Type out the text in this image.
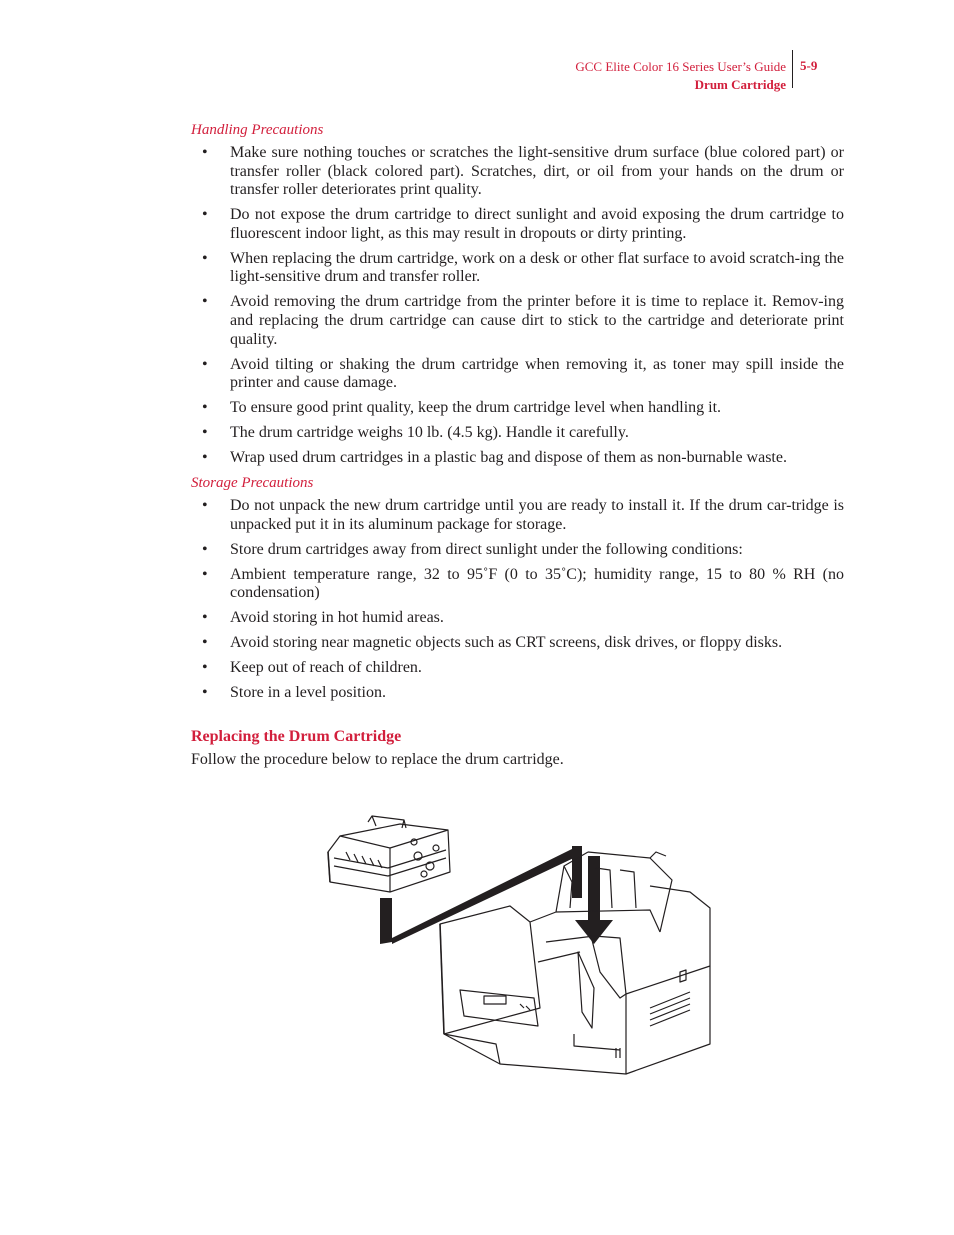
GCC Elite Color 16 Series User’s Guide
Drum Cartridge
5-9
Handling Precautions
• Make sure nothing touches or scratches the light-sensitive drum surface (blue colored part) or transfer roller (black colored part). Scratches, dirt, or oil from your hands on the drum or transfer roller deteriorates print quality.
• Do not expose the drum cartridge to direct sunlight and avoid exposing the drum cartridge to fluorescent indoor light, as this may result in dropouts or dirty printing.
• When replacing the drum cartridge, work on a desk or other flat surface to avoid scratch-ing the light-sensitive drum and transfer roller.
• Avoid removing the drum cartridge from the printer before it is time to replace it. Remov-ing and replacing the drum cartridge can cause dirt to stick to the cartridge and deteriorate print quality.
• Avoid tilting or shaking the drum cartridge when removing it, as toner may spill inside the printer and cause damage.
• To ensure good print quality, keep the drum cartridge level when handling it.
• The drum cartridge weighs 10 lb. (4.5 kg). Handle it carefully.
• Wrap used drum cartridges in a plastic bag and dispose of them as non-burnable waste.
Storage Precautions
• Do not unpack the new drum cartridge until you are ready to install it. If the drum car-tridge is unpacked put it in its aluminum package for storage.
• Store drum cartridges away from direct sunlight under the following conditions:
• Ambient temperature range, 32 to 95˚F (0 to 35˚C); humidity range, 15 to 80 % RH (no condensation)
• Avoid storing in hot humid areas.
• Avoid storing near magnetic objects such as CRT screens, disk drives, or floppy disks.
• Keep out of reach of children.
• Store in a level position.
Replacing the Drum Cartridge

Follow the procedure below to replace the drum cartridge.
